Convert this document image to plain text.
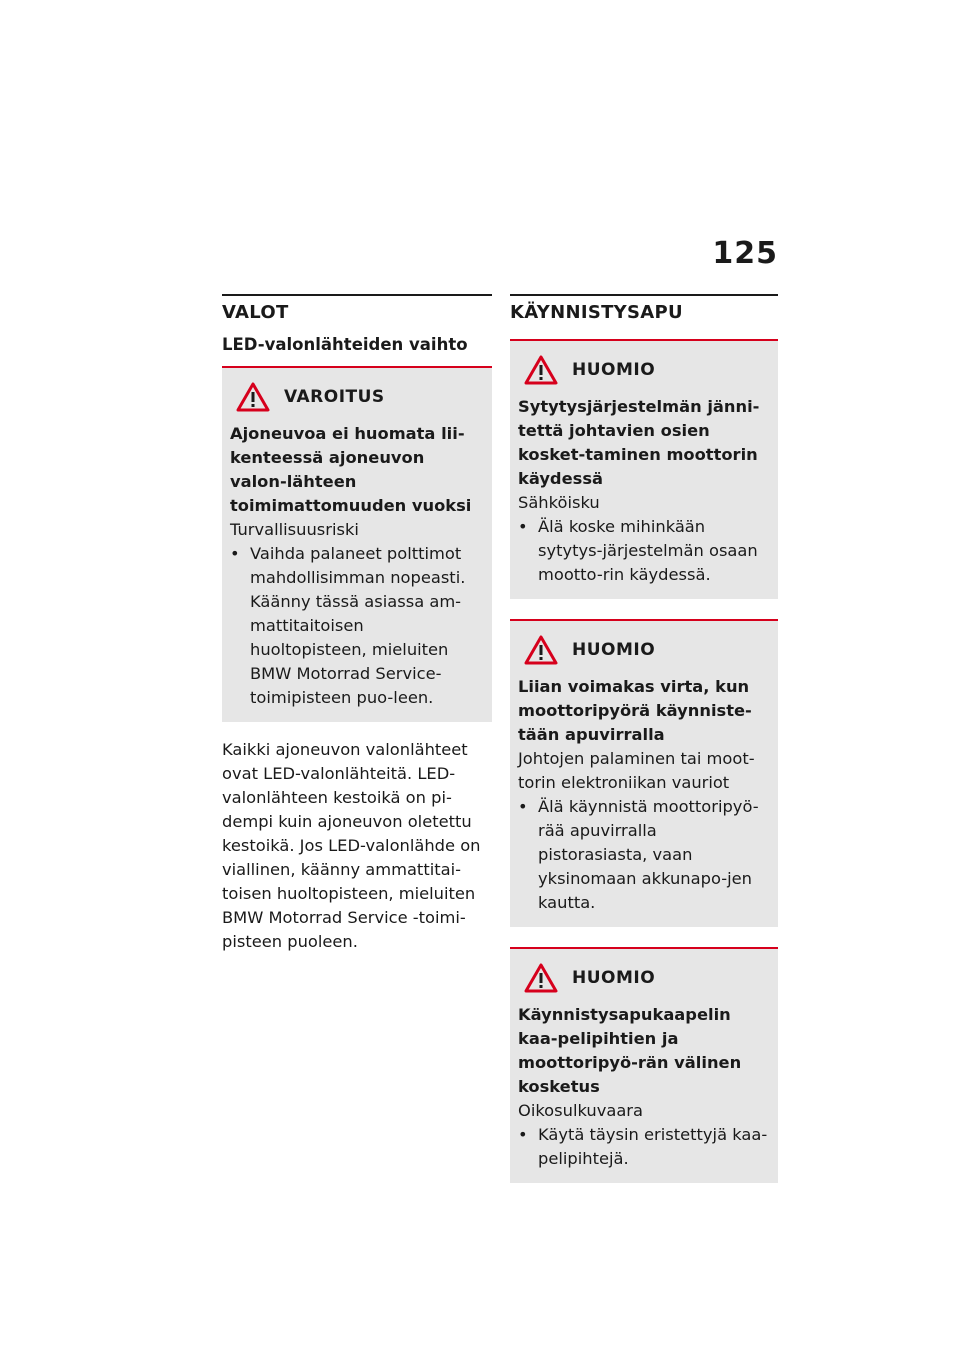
125
VALOT
LED-valonlähteiden vaihto
VAROITUS
Ajoneuvoa ei huomata lii-kenteessä ajoneuvon valon-lähteen toimimattomuuden vuoksi
Turvallisuusriski
• Vaihda palaneet polttimot mahdollisimman nopeasti. Käänny tässä asiassa am-mattitaitoisen huoltopisteen, mieluiten BMW Motorrad Service-toimipisteen puo-leen.
Kaikki ajoneuvon valonlähteet ovat LED-valonlähteitä. LED-valonlähteen kestoikä on pi-dempi kuin ajoneuvon oletettu kestoikä. Jos LED-valonlähde on viallinen, käänny ammattitai-toisen huoltopisteen, mieluiten BMW Motorrad Service -toimi-pisteen puoleen.
KÄYNNISTYSAPU
HUOMIO
Sytytysjärjestelmän jänni-tettä johtavien osien kosket-taminen moottorin käydessä
Sähköisku
• Älä koske mihinkään sytytys-järjestelmän osaan mootto-rin käydessä.
HUOMIO
Liian voimakas virta, kun moottoripyörä käynniste-tään apuvirralla
Johtojen palaminen tai moot-torin elektroniikan vauriot
• Älä käynnistä moottoripyö-rää apuvirralla pistorasiasta, vaan yksinomaan akkunapo-jen kautta.
HUOMIO
Käynnistysapukaapelin kaa-pelipihtien ja moottoripyö-rän välinen kosketus
Oikosulkuvaara
• Käytä täysin eristettyjä kaa-pelipihtejä.
